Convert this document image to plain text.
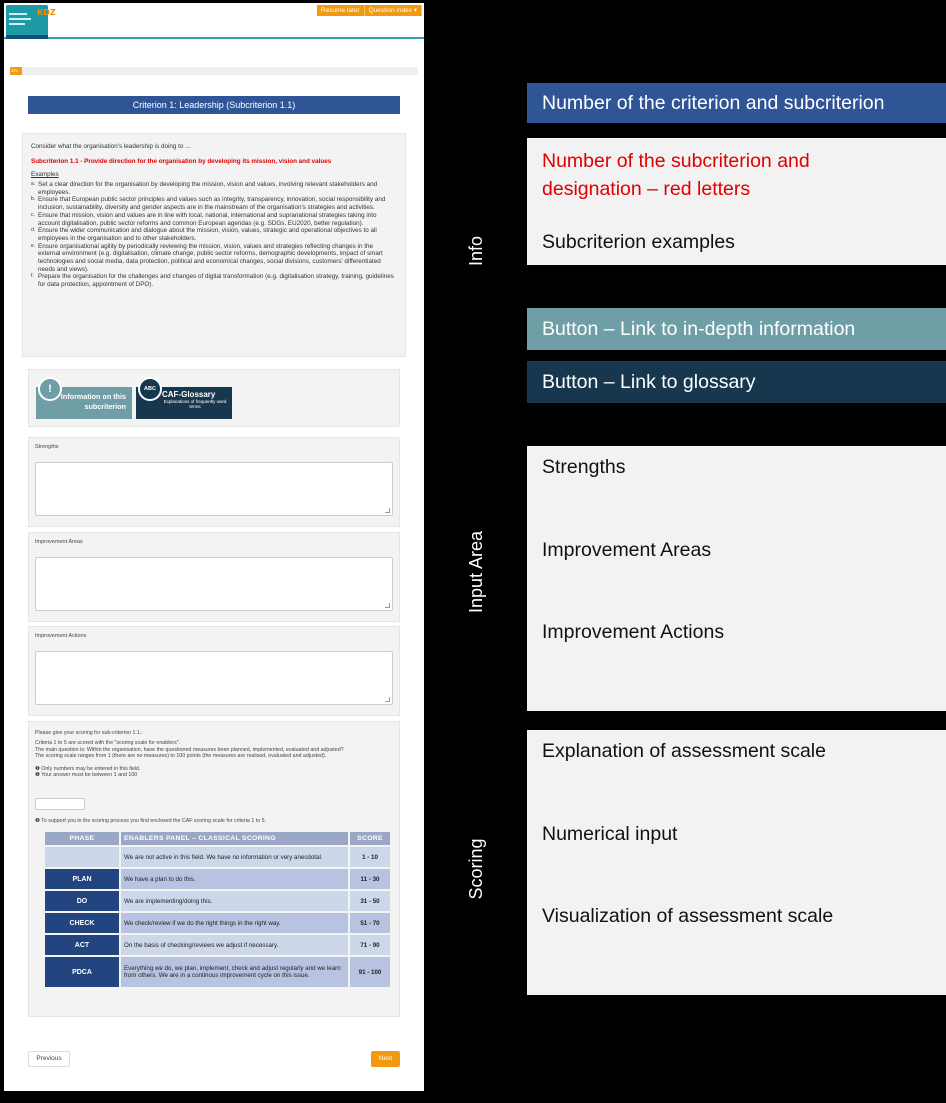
KDZ	Resume later	Question index ▾
1%
Criterion 1: Leadership (Subcriterion 1.1)
Consider what the organisation's leadership is doing to ...
Subcriterion 1.1 - Provide direction for the organisation by developing its mission, vision and values
Examples
a. Set a clear direction for the organisation by developing the mission, vision and values, involving relevant stakeholders and employees.
b. Ensure that European public sector principles and values such as integrity, transparency, innovation, social responsibility and inclusion, sustainability, diversity and gender aspects are in the mainstream of the organisation's strategies and activities.
c. Ensure that mission, vision and values are in line with local, national, international and supranational strategies taking into account digitalisation, public sector reforms and common European agendas (e.g. SDGs, EU2020, better regulation).
d. Ensure the wider communication and dialogue about the mission, vision, values, strategic and operational objectives to all employees in the organisation and to other stakeholders.
e. Ensure organisational agility by periodically reviewing the mission, vision, values and strategies reflecting changes in the external environment (e.g. digitalisation, climate change, public sector reforms, demographic developments, impact of smart technologies and social media, data protection, political and economical changes, social divisions, customers' differentiated needs and views).
f. Prepare the organisation for the challenges and changes of digital transformation (e.g. digitalisation strategy, training, guidelines for data protection, appointment of DPO).
Information on this subcriterion
!	CAF-Glossary
Explanations of frequently used terms
ABC
Strengths
Improvement Areas
Improvement Actions

Please give your scoring for sub-criterion 1.1.:

Criteria 1 to 5 are scored with the "scoring scale for enablers".

The main question is: Within the organisation, have the questioned measures been planned, implemented, evaluated and adjusted?

The scoring scale ranges from 1 (there are no measures) to 100 points (the measures are realised, evaluated and adjusted).

❶ Only numbers may be entered in this field.

❶ Your answer must be between 1 and 100

❶ To support you in the scoring process you find enclosed the CAF scoring scale for criteria 1 to 5.

PHASE	ENABLERS PANEL – CLASSICAL SCORING	SCORE
	We are not active in this field. We have no information or very anecdotal.	1 - 10
PLAN	We have a plan to do this.	11 - 30
DO	We are implementing/doing this.	31 - 50
CHECK	We check/review if we do the right things in the right way.	51 - 70
ACT	On the basis of checking/reviews we adjust if necessary.	71 - 90
PDCA	Everything we do, we plan, implement, check and adjust regularly and we learn from others. We are in a continous improvement cycle on this issue.	91 - 100
Previous	Next
Info
Input Area
Scoring
Number of the criterion and subcriterion
Number of the subcriterion and designation – red letters
Subcriterion examples
Button – Link to in-depth information
Button – Link to glossary
Strengths
Improvement Areas
Improvement Actions
Explanation of assessment scale
Numerical input
Visualization of assessment scale
